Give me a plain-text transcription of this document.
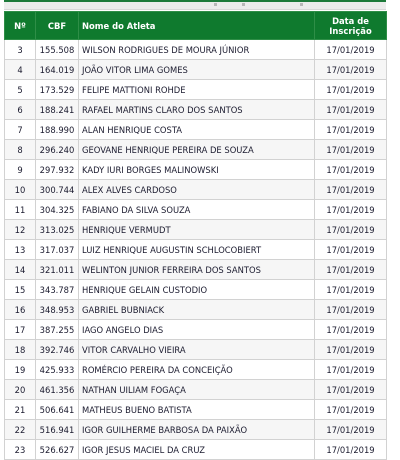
Nº	CBF	Nome do Atleta	Data de Inscrição
3	155.508	WILSON RODRIGUES DE MOURA JÚNIOR	17/01/2019
4	164.019	JOÃO VITOR LIMA GOMES	17/01/2019
5	173.529	FELIPE MATTIONI ROHDE	17/01/2019
6	188.241	RAFAEL MARTINS CLARO DOS SANTOS	17/01/2019
7	188.990	ALAN HENRIQUE COSTA	17/01/2019
8	296.240	GEOVANE HENRIQUE PEREIRA DE SOUZA	17/01/2019
9	297.932	KADY IURI BORGES MALINOWSKI	17/01/2019
10	300.744	ALEX ALVES CARDOSO	17/01/2019
11	304.325	FABIANO DA SILVA SOUZA	17/01/2019
12	313.025	HENRIQUE VERMUDT	17/01/2019
13	317.037	LUIZ HENRIQUE AUGUSTIN SCHLOCOBIERT	17/01/2019
14	321.011	WELINTON JUNIOR FERREIRA DOS SANTOS	17/01/2019
15	343.787	HENRIQUE GELAIN CUSTODIO	17/01/2019
16	348.953	GABRIEL BUBNIACK	17/01/2019
17	387.255	IAGO ANGELO DIAS	17/01/2019
18	392.746	VITOR CARVALHO VIEIRA	17/01/2019
19	425.933	ROMÉRCIO PEREIRA DA CONCEIÇÃO	17/01/2019
20	461.356	NATHAN UILIAM FOGAÇA	17/01/2019
21	506.641	MATHEUS BUENO BATISTA	17/01/2019
22	516.941	IGOR GUILHERME BARBOSA DA PAIXÃO	17/01/2019
23	526.627	IGOR JESUS MACIEL DA CRUZ	17/01/2019
